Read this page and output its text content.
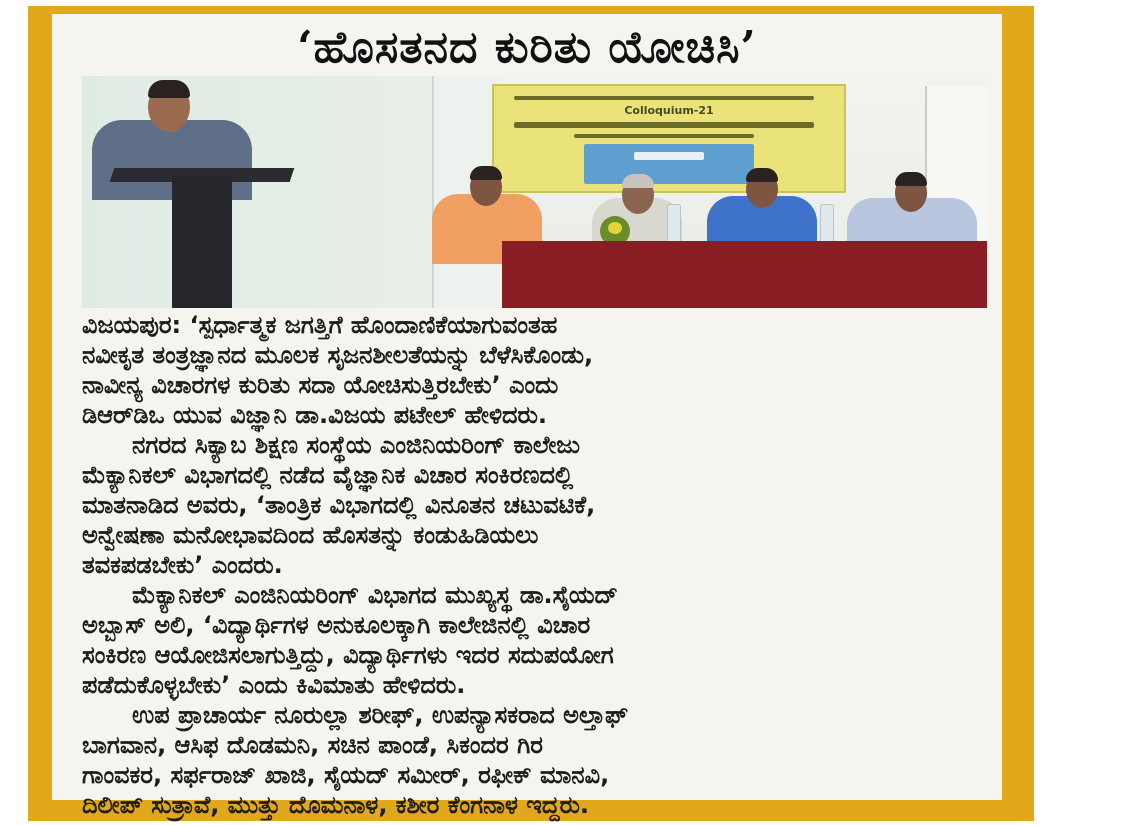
‘ಹೊಸತನದ ಕುರಿತು ಯೋಚಿಸಿ’
Colloquium-21
ವಿಜಯಪುರ: ‘ಸ್ಪರ್ಧಾತ್ಮಕ ಜಗತ್ತಿಗೆ ಹೊಂದಾಣಿಕೆಯಾಗುವಂತಹ
ನವೀಕೃತ ತಂತ್ರಜ್ಞಾನದ ಮೂಲಕ ಸೃಜನಶೀಲತೆಯನ್ನು ಬೆಳೆಸಿಕೊಂಡು,
ನಾವೀನ್ಯ ವಿಚಾರಗಳ ಕುರಿತು ಸದಾ ಯೋಚಿಸುತ್ತಿರಬೇಕು’ ಎಂದು
ಡಿಆರ್‌ಡಿಒ ಯುವ ವಿಜ್ಞಾನಿ ಡಾ.ವಿಜಯ ಪಟೇಲ್ ಹೇಳಿದರು.
ನಗರದ ಸಿಕ್ಯಾಬ ಶಿಕ್ಷಣ ಸಂಸ್ಥೆಯ ಎಂಜಿನಿಯರಿಂಗ್ ಕಾಲೇಜು
ಮೆಕ್ಯಾನಿಕಲ್ ವಿಭಾಗದಲ್ಲಿ ನಡೆದ ವೈಜ್ಞಾನಿಕ ವಿಚಾರ ಸಂಕಿರಣದಲ್ಲಿ
ಮಾತನಾಡಿದ ಅವರು, ‘ತಾಂತ್ರಿಕ ವಿಭಾಗದಲ್ಲಿ ವಿನೂತನ ಚಟುವಟಿಕೆ,
ಅನ್ವೇಷಣಾ ಮನೋಭಾವದಿಂದ ಹೊಸತನ್ನು ಕಂಡುಹಿಡಿಯಲು
ತವಕಪಡಬೇಕು’ ಎಂದರು.
ಮೆಕ್ಯಾನಿಕಲ್ ಎಂಜಿನಿಯರಿಂಗ್ ವಿಭಾಗದ ಮುಖ್ಯಸ್ಥ ಡಾ.ಸೈಯದ್
ಅಬ್ಬಾಸ್ ಅಲಿ, ‘ವಿದ್ಯಾರ್ಥಿಗಳ ಅನುಕೂಲಕ್ಕಾಗಿ ಕಾಲೇಜಿನಲ್ಲಿ ವಿಚಾರ
ಸಂಕಿರಣ ಆಯೋಜಿಸಲಾಗುತ್ತಿದ್ದು, ವಿದ್ಯಾರ್ಥಿಗಳು ಇದರ ಸದುಪಯೋಗ
ಪಡೆದುಕೊಳ್ಳಬೇಕು’ ಎಂದು ಕಿವಿಮಾತು ಹೇಳಿದರು.
ಉಪ ಪ್ರಾಚಾರ್ಯ ನೂರುಲ್ಲಾ ಶರೀಫ್, ಉಪನ್ಯಾಸಕರಾದ ಅಲ್ತಾಫ್
ಬಾಗವಾನ, ಆಸಿಫ ದೊಡಮನಿ, ಸಚಿನ ಪಾಂಡೆ, ಸಿಕಂದರ ಗಿರ
ಗಾಂವಕರ, ಸರ್ಫರಾಜ್ ಖಾಜಿ, ಸೈಯದ್ ಸಮೀರ್, ರಫೀಕ್ ಮಾನವಿ,
ದಿಲೀಪ್ ಸುತ್ರಾವೆ, ಮುತ್ತು ದೊಮನಾಳ, ಕಶೀರ ಕೆಂಗನಾಳ ಇದ್ದರು.
